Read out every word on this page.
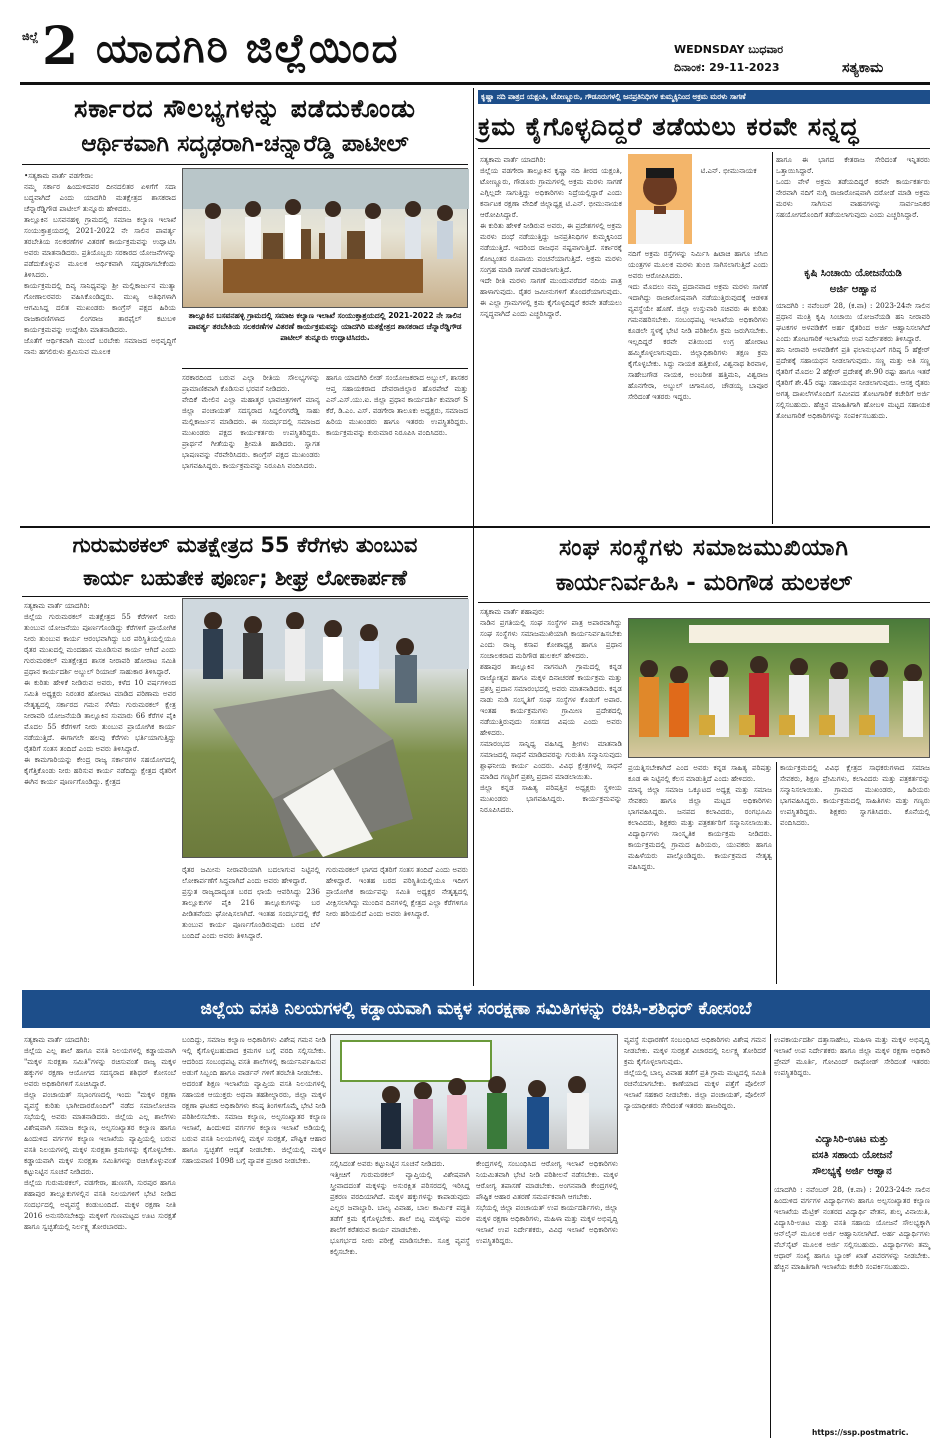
ಜಿಲ್ಲೆ 2 ಯಾದಗಿರಿ ಜಿಲ್ಲೆಯಿಂದ	WEDNSDAY ಬುಧವಾರ
ದಿನಾಂಕ: 29-11-2023	ಸತ್ಯಕಾಮ
ಸರ್ಕಾರದ ಸೌಲಭ್ಯಗಳನ್ನು ಪಡೆದುಕೊಂಡು
ಆರ್ಥಿಕವಾಗಿ ಸದೃಢರಾಗಿ-ಚನ್ನಾರೆಡ್ಡಿ ಪಾಟೀಲ್
•ಸತ್ಯಕಾಮ ವಾರ್ತೆ ವಡಗೇರಾ:
ನಮ್ಮ ಸರ್ಕಾರ ಹಿಂದುಳಿದವರ ದೀನದಲಿತರ ಏಳಿಗೆಗೆ ಸದಾ ಬದ್ಧವಾಗಿದೆ ಎಂದು ಯಾದಗಿರಿ ಮತಕ್ಷೇತ್ರದ ಶಾಸಕರಾದ ಚೆನ್ನಾರೆಡ್ಡಿಗೌಡ ಪಾಟೀಲ್ ತುನ್ನೂರು ಹೇಳಿದರು.
ತಾಲ್ಲೂಕಿನ ಬಸವನಹಳ್ಳಿ ಗ್ರಾಮದಲ್ಲಿ ಸಮಾಜ ಕಲ್ಯಾಣ ಇಲಾಖೆ ಸಂಯುಕ್ತಾಶ್ರಯದಲ್ಲಿ 2021-2022 ನೇ ಸಾಲಿನ ಪಾವರ್ತ್ಯ ತರಬೇತಿಯ ಸಲಕರಣೆಗಳ ವಿತರಣೆ ಕಾರ್ಯಕ್ರಮವನ್ನು ಉದ್ಘಾಟಿಸಿ ಅವರು ಮಾತನಾಡಿದರು. ಪ್ರತಿಯೊಬ್ಬರು ಸರಕಾರದ ಯೋಜನೆಗಳನ್ನು ಪಡೆದುಕೊಳ್ಳುವ ಮೂಲಕ ಆರ್ಥಿಕವಾಗಿ ಸದೃಢರಾಗಬೇಕೆಂದು ತಿಳಿಸಿದರು.
ಕಾರ್ಯಕ್ರಮದಲ್ಲಿ ದಿವ್ಯ ಸಾನಿಧ್ಯವನ್ನು ಶ್ರೀ ಮಲ್ಲಿಕಾರ್ಜುನ ಮುತ್ಯಾ ಗೋಣಾಲರವರು ವಹಿಸಿಕೊಂಡಿದ್ದರು. ಮುಖ್ಯ ಅತಿಥಿಗಳಾಗಿ ಆಗಮಿಸಿದ್ದ ದಲಿತ ಮುಖಂಡರು ಕಾಂಗ್ರೆಸ್ ಪಕ್ಷದ ಹಿರಿಯ ರಾಜಕಾರಣಿಗಳಾದ ಲಿಂಗರಾಜ ತಾರಫೈಲ್ ಕಟುಬಳಿ ಕಾರ್ಯಕ್ರಮವನ್ನು ಉದ್ದೇಶಿಸಿ ಮಾತನಾಡಿದರು.
ಜೊತೆಗೆ ಆರ್ಥಿಕವಾಗಿ ಮುಂದೆ ಬರಬೇಕು ಸಮಾಜದ ಅಭಿವೃದ್ಧಿಗೆ ನಾನು ಹಗಲಿರುಳು ಶ್ರಮಿಸುವ ಮೂಲಕ
ತಾಲ್ಲೂಕಿನ ಬಸವನಹಳ್ಳಿ ಗ್ರಾಮದಲ್ಲಿ ಸಮಾಜ ಕಲ್ಯಾಣ ಇಲಾಖೆ ಸಂಯುಕ್ತಾಶ್ರಯದಲ್ಲಿ 2021-2022 ನೇ ಸಾಲಿನ ಪಾವರ್ತ್ಯ ತರಬೇತಿಯ ಸಲಕರಣೆಗಳ ವಿತರಣೆ ಕಾರ್ಯಕ್ರಮವನ್ನು ಯಾದಗಿರಿ ಮತಕ್ಷೇತ್ರದ ಶಾಸಕರಾದ ಚೆನ್ನಾರೆಡ್ಡಿಗೌಡ ಪಾಟೀಲ್ ತುನ್ನೂರು ಉದ್ಘಾಟಿಸಿದರು.
ಸರಕಾರದಿಂದ ಬರುವ ಎಲ್ಲಾ ರೀತಿಯ ಸೌಲಭ್ಯಗಳನ್ನು ಪ್ರಾಮಾಣಿಕವಾಗಿ ಕೊಡಿಸುವ ಭರವಸೆ ನೀಡಿದರು.
ವೇದಿಕೆ ಮೇಲಿನ ಎಲ್ಲಾ ಮಹಾತ್ಮರ ಭಾವಚಿತ್ರಗಳಿಗೆ ಮಾನ್ಯ ಜಿಲ್ಲಾ ಪಂಚಾಯತ್ ಸದಸ್ಯರಾದ ಸಿದ್ದಲಿಂಗರೆಡ್ಡಿ ಸಾಹು ಮಲ್ಲಿಕಾರ್ಜುನ ಮಾಡಿದರು. ಈ ಸಂದರ್ಭದಲ್ಲಿ ಸಮಾಜದ ಮುಖಂಡರು ಪಕ್ಷದ ಕಾರ್ಯಕರ್ತರು ಉಪಸ್ಥಿತರಿದ್ದರು. ಪ್ರಾರ್ಥನೆ ಗೀತೆಯನ್ನು ಶ್ರೀಮತಿ ಹಾಡಿದರು. ಸ್ವಾಗತ ಭಾಷಣವನ್ನು ನೆರವೇರಿಸಿದರು. ಕಾಂಗ್ರೆಸ್ ಪಕ್ಷದ ಮುಖಂಡರು ಭಾಗವಹಿಸಿದ್ದರು. ಕಾರ್ಯಕ್ರಮವನ್ನು ನಿರೂಪಿಸಿ ವಂದಿಸಿದರು.
ಹಾಗೂ ಯಾದಗಿರಿ ಲೀಡ್ ಸಂಯೋಜಕರಾದ ಅಬ್ದುಲ್, ಶಾಸಕರ ಆಪ್ತ ಸಹಾಯಕರಾದ ದೇವರಾಜಿಲ್ದಾರ ಹೊರಪೇಟೆ ಮತ್ತು ಎನ್.ಎಸ್.ಯು.ಐ. ಜಿಲ್ಲಾ ಪ್ರಧಾನ ಕಾರ್ಯದರ್ಶಿ ಕುಮಾರ್ S ಕೆರೆ, ಡಿ.ಎಂ. ಎಸ್. ವಡಗೇರಾ ತಾಲೂಕು ಅಧ್ಯಕ್ಷರು, ಸಮಾಜದ ಹಿರಿಯ ಮುಖಂಡರು ಹಾಗೂ ಇತರರು ಉಪಸ್ಥಿತರಿದ್ದರು. ಕಾರ್ಯಕ್ರಮವನ್ನು ಕುರುಮಾರ ನಿರೂಪಿಸಿ ವಂದಿಸಿದರು.
ಕೃಷ್ಣಾ ನದಿ ಪಾತ್ರದ ಯಕ್ಷಂತಿ, ಟೋಣ್ಣೂರು, ಗೌಡೂರುಗಳಲ್ಲಿ ಜನಪ್ರತಿನಿಧಿಗಳ ಕುಮ್ಮಕ್ಕಿನಿಂದ ಅಕ್ರಮ ಮರಳು ಸಾಗಣೆ
ಕ್ರಮ ಕೈಗೊಳ್ಳದಿದ್ದರೆ ತಡೆಯಲು ಕರವೇ ಸನ್ನದ್ಧ
ಸತ್ಯಕಾಮ ವಾರ್ತೆ ಯಾದಗಿರಿ:
ಜಿಲ್ಲೆಯ ವಡಗೇರಾ ತಾಲ್ಲೂಕಿನ ಕೃಷ್ಣಾ ನದಿ ತೀರದ ಯಕ್ಷಂತಿ, ಟೋಣ್ಣೂರು, ಗೌಡೂರು ಗ್ರಾಮಗಳಲ್ಲಿ ಅಕ್ರಮ ಮರಳು ಸಾಗಣೆ ಎಗ್ಗಿಲ್ಲದೇ ಸಾಗುತ್ತಿದ್ದು ಅಧಿಕಾರಿಗಳು ನಿದ್ರೆಯಲ್ಲಿದ್ದಾರೆ ಎಂದು ಕರ್ನಾಟಕ ರಕ್ಷಣಾ ವೇದಿಕೆ ಜಿಲ್ಲಾಧ್ಯಕ್ಷ ಟಿ.ಎನ್. ಭೀಮುನಾಯಕ ಆರೋಪಿಸಿದ್ದಾರೆ.
ಈ ಕುರಿತು ಹೇಳಿಕೆ ನೀಡಿರುವ ಅವರು, ಈ ಪ್ರದೇಶಗಳಲ್ಲಿ ಅಕ್ರಮ ಮರಳು ದಂಧೆ ನಡೆಯುತ್ತಿದ್ದು ಜನಪ್ರತಿನಿಧಿಗಳ ಕುಮ್ಮಕ್ಕಿನಿಂದ ನಡೆಯುತ್ತಿದೆ. ಇದರಿಂದ ರಾಜಧನ ನಷ್ಟವಾಗುತ್ತಿದೆ. ಸರ್ಕಾರಕ್ಕೆ ಕೋಟ್ಯಂತರ ರೂಪಾಯಿ ವಂಚನೆಯಾಗುತ್ತಿದೆ. ಅಕ್ರಮ ಮರಳು ಸಂಗ್ರಹ ಮಾಡಿ ಸಾಗಣೆ ಮಾಡಲಾಗುತ್ತಿದೆ.
ಇದೇ ರೀತಿ ಮರಳು ಸಾಗಣೆ ಮುಂದುವರೆದರೆ ನದಿಯ ಪಾತ್ರ ಹಾಳಾಗುವುದು. ರೈತರ ಜಮೀನುಗಳಿಗೆ ತೊಂದರೆಯಾಗುವುದು. ಈ ಎಲ್ಲಾ ಗ್ರಾಮಗಳಲ್ಲಿ ಕ್ರಮ ಕೈಗೊಳ್ಳದಿದ್ದರೆ ಕರವೇ ತಡೆಯಲು ಸನ್ನದ್ಧವಾಗಿದೆ ಎಂದು ಎಚ್ಚರಿಸಿದ್ದಾರೆ.
ನದಿಗೆ ಅಕ್ರಮ ರಸ್ತೆಗಳನ್ನು ನಿರ್ಮಿಸಿ ಹಿಟಾಚಿ ಹಾಗೂ ಜೆಸಿಬಿ ಯಂತ್ರಗಳ ಮೂಲಕ ಮರಳು ತುಂಬಿ ಸಾಗಿಸಲಾಗುತ್ತಿದೆ ಎಂದು ಅವರು ಆರೋಪಿಸಿದರು.
ಇದು ಮೊದಲು ನಮ್ಮ ಪ್ರದಾನವಾದ ಅಕ್ರಮ ಮರಳು ಸಾಗಣೆ ಇದಾಗಿದ್ದು ರಾಜಾರೋಷವಾಗಿ ನಡೆಯುತ್ತಿರುವುದಕ್ಕೆ ಆಡಳಿತ ವ್ಯವಸ್ಥೆಯೇ ಹೊಣೆ. ಜಿಲ್ಲಾ ಉಸ್ತುವಾರಿ ಸಚಿವರು ಈ ಕುರಿತು ಗಮನಹರಿಸಬೇಕು. ಸಂಬಂಧಪಟ್ಟ ಇಲಾಖೆಯ ಅಧಿಕಾರಿಗಳು ಕೂಡಲೇ ಸ್ಥಳಕ್ಕೆ ಭೇಟಿ ನೀಡಿ ಪರಿಶೀಲಿಸಿ ಕ್ರಮ ಜರುಗಿಸಬೇಕು. ಇಲ್ಲದಿದ್ದರೆ ಕರವೇ ವತಿಯಿಂದ ಉಗ್ರ ಹೋರಾಟ ಹಮ್ಮಿಕೊಳ್ಳಲಾಗುವುದು. ಜಿಲ್ಲಾಧಿಕಾರಿಗಳು ತಕ್ಷಣ ಕ್ರಮ ಕೈಗೊಳ್ಳಬೇಕು. ಸಿದ್ದು ನಾಯಕ ಹತ್ತಿಕುಣಿ, ವಿಶ್ವನಾಥ ಶಿರವಾಳ, ಸಾಹೇಬಗೌಡ ನಾಯಕ, ಅಂಬರೀಶ ಹತ್ತಿಮನಿ, ವಿಶ್ವರಾಜ ಹೊನಗೇರಾ, ಅಬ್ದುಲ್ ಚಿಗಾನೂರ, ಚೌಡಯ್ಯ ಬಾವೂರ ಸೇರಿದಂತೆ ಇತರರು ಇದ್ದರು.

ಟಿ.ಎನ್. ಭೀಮುನಾಯಕ

ಹಾಗೂ ಈ ಭಾಗದ ಕೇತರಾಜ ಸೇರಿದಂತೆ ಇನ್ನಿತರರು ಒತ್ತಾಯಿಸಿದ್ದಾರೆ.
ಒಂದು ವೇಳೆ ಅಕ್ರಮ ತಡೆಯದಿದ್ದರೆ ಕರವೇ ಕಾರ್ಯಕರ್ತರು ನೇರವಾಗಿ ನದಿಗೆ ನುಗ್ಗಿ ರಾಜಾರೋಷವಾಗಿ ದರೋಡೆ ಮಾಡಿ ಅಕ್ರಮ ಮರಳು ಸಾಗಿಸುವ ವಾಹನಗಳನ್ನು ಸಾರ್ವಜನಿಕರ ಸಹಯೋಗದೊಂದಿಗೆ ತಡೆಯಲಾಗುವುದು ಎಂದು ಎಚ್ಚರಿಸಿದ್ದಾರೆ.
ಕೃಷಿ ಸಿಂಚಾಯಿ ಯೋಜನೆಯಡಿ
ಅರ್ಜಿ ಆಹ್ವಾನ
ಯಾದಗಿರಿ : ನವೆಂಬರ್ 28, (ಕ.ವಾ) : 2023-24ನೇ ಸಾಲಿನ ಪ್ರಧಾನ ಮಂತ್ರಿ ಕೃಷಿ ಸಿಂಚಾಯಿ ಯೋಜನೆಯಡಿ ಹನಿ ನೀರಾವರಿ ಘಟಕಗಳ ಅಳವಡಿಕೆಗೆ ಅರ್ಹ ರೈತರಿಂದ ಅರ್ಜಿ ಆಹ್ವಾನಿಸಲಾಗಿದೆ ಎಂದು ತೋಟಗಾರಿಕೆ ಇಲಾಖೆಯ ಉಪ ನಿರ್ದೇಶಕರು ತಿಳಿಸಿದ್ದಾರೆ.
ಹನಿ ನೀರಾವರಿ ಅಳವಡಿಕೆಗೆ ಪ್ರತಿ ಫಲಾನುಭವಿಗೆ ಗರಿಷ್ಠ 5 ಹೆಕ್ಟೇರ್ ಪ್ರದೇಶಕ್ಕೆ ಸಹಾಯಧನ ನೀಡಲಾಗುವುದು. ಸಣ್ಣ ಮತ್ತು ಅತಿ ಸಣ್ಣ ರೈತರಿಗೆ ಮೊದಲ 2 ಹೆಕ್ಟೇರ್ ಪ್ರದೇಶಕ್ಕೆ ಶೇ.90 ರಷ್ಟು ಹಾಗೂ ಇತರೆ ರೈತರಿಗೆ ಶೇ.45 ರಷ್ಟು ಸಹಾಯಧನ ನೀಡಲಾಗುವುದು. ಆಸಕ್ತ ರೈತರು ಅಗತ್ಯ ದಾಖಲೆಗಳೊಂದಿಗೆ ಸಮೀಪದ ತೋಟಗಾರಿಕೆ ಕಚೇರಿಗೆ ಅರ್ಜಿ ಸಲ್ಲಿಸಬಹುದು. ಹೆಚ್ಚಿನ ಮಾಹಿತಿಗಾಗಿ ಹೋಬಳಿ ಮಟ್ಟದ ಸಹಾಯಕ ತೋಟಗಾರಿಕೆ ಅಧಿಕಾರಿಗಳನ್ನು ಸಂಪರ್ಕಿಸಬಹುದು.
ಗುರುಮಠಕಲ್ ಮತಕ್ಷೇತ್ರದ 55 ಕೆರೆಗಳು ತುಂಬುವ
ಕಾರ್ಯ ಬಹುತೇಕ ಪೂರ್ಣ; ಶೀಘ್ರ ಲೋಕಾರ್ಪಣೆ
ಸತ್ಯಕಾಮ ವಾರ್ತೆ ಯಾದಗಿರಿ:
ಜಿಲ್ಲೆಯ ಗುರುಮಠಕಲ್ ಮತಕ್ಷೇತ್ರದ 55 ಕೆರೆಗಳಿಗೆ ನೀರು ತುಂಬುವ ಯೋಜನೆಯು ಪೂರ್ಣಗೊಂಡಿದ್ದು ಕೆರೆಗಳಿಗೆ ಪ್ರಾಯೋಗಿಕ ನೀರು ತುಂಬುವ ಕಾರ್ಯ ಆರಂಭವಾಗಿದ್ದು ಬರ ಪರಿಸ್ಥಿತಿಯಲ್ಲಿಯೂ ರೈತರ ಮುಖದಲ್ಲಿ ಮಂದಹಾಸ ಮೂಡಿಸುವ ಕಾರ್ಯ ಆಗಿದೆ ಎಂದು ಗುರುಮಠಕಲ್ ಮತಕ್ಷೇತ್ರದ ಶಾಸಕ ನೀರಾವರಿ ಹೋರಾಟ ಸಮಿತಿ ಪ್ರಧಾನ ಕಾರ್ಯದರ್ಶಿ ಅಬ್ದುಲ್ ರಿಯಾಜ್ ಸಾಹುಕಾರ ತಿಳಿಸಿದ್ದಾರೆ.
ಈ ಕುರಿತು ಹೇಳಿಕೆ ನೀಡಿರುವ ಅವರು, ಕಳೆದ 10 ವರ್ಷಗಳಿಂದ ಸಮಿತಿ ಅಧ್ಯಕ್ಷರು ನಿರಂತರ ಹೋರಾಟ ಮಾಡಿದ ಪರಿಣಾಮ ಅವರ ನೇತೃತ್ವದಲ್ಲಿ ಸರ್ಕಾರದ ಗಮನ ಸೆಳೆದು ಗುರುಮಠಕಲ್ ಕ್ಷೇತ್ರ ನೀರಾವರಿ ಯೋಜನೆಯಡಿ ತಾಲ್ಲೂಕಿನ ಸುಮಾರು 66 ಕೆರೆಗಳ ಪೈಕಿ ಮೊದಲ 55 ಕೆರೆಗಳಿಗೆ ನೀರು ತುಂಬುವ ಪ್ರಾಯೋಗಿಕ ಕಾರ್ಯ ನಡೆಯುತ್ತಿದೆ. ಈಗಾಗಲೇ ಹಲವು ಕೆರೆಗಳು ಭರ್ತಿಯಾಗುತ್ತಿದ್ದು ರೈತರಿಗೆ ಸಂತಸ ತಂದಿದೆ ಎಂದು ಅವರು ತಿಳಿಸಿದ್ದಾರೆ.
ಈ ಕಾಮಗಾರಿಯನ್ನು ಕೇಂದ್ರ ರಾಜ್ಯ ಸರ್ಕಾರಗಳ ಸಹಯೋಗದಲ್ಲಿ ಕೈಗೆತ್ತಿಕೊಂಡು ನೀರು ಹರಿಸುವ ಕಾರ್ಯ ನಡೆದಿದ್ದು ಕ್ಷೇತ್ರದ ರೈತರಿಗೆ ಈಗಿನ ಕಾರ್ಯ ಪೂರ್ಣಗೊಂಡಿದ್ದು. ಕ್ಷೇತ್ರದ
ರೈತರ ಜಮೀನು ನೀರಾವರಿಯಾಗಿ ಬದಲಾಗುವ ನಿಟ್ಟಿನಲ್ಲಿ ಲೋಕಾರ್ಪಣೆಗೆ ಸಿದ್ಧವಾಗಿದೆ ಎಂದು ಅವರು ಹೇಳಿದ್ದಾರೆ.
ಪ್ರಸ್ತುತ ರಾಜ್ಯದಾದ್ಯಂತ ಬರದ ಛಾಯೆ ಆವರಿಸಿದ್ದು 236 ತಾಲ್ಲೂಕುಗಳ ಪೈಕಿ 216 ತಾಲ್ಲೂಕುಗಳನ್ನು ಬರ ಪೀಡಿತವೆಂದು ಘೋಷಿಸಲಾಗಿದೆ. ಇಂತಹ ಸಂದರ್ಭದಲ್ಲಿ ಕೆರೆ ತುಂಬುವ ಕಾರ್ಯ ಪೂರ್ಣಗೊಂಡಿರುವುದು ಬರದ ಬೆಳೆ ಬಂದಿದೆ ಎಂದು ಅವರು ತಿಳಿಸಿದ್ದಾರೆ.
ಗುರುಮಠಕಲ್ ಭಾಗದ ರೈತರಿಗೆ ಸಂತಸ ತಂದಿದೆ ಎಂದು ಅವರು ಹೇಳಿದ್ದಾರೆ. ಇಂತಹ ಬರದ ಪರಿಸ್ಥಿತಿಯಲ್ಲಿಯೂ ಇದೀಗ ಪ್ರಾಯೋಗಿಕ ಕಾರ್ಯವನ್ನು ಸಮಿತಿ ಅಧ್ಯಕ್ಷರ ನೇತೃತ್ವದಲ್ಲಿ ವೀಕ್ಷಿಸಲಾಗಿದ್ದು ಮುಂದಿನ ದಿನಗಳಲ್ಲಿ ಕ್ಷೇತ್ರದ ಎಲ್ಲಾ ಕೆರೆಗಳಿಗೂ ನೀರು ಹರಿಯಲಿದೆ ಎಂದು ಅವರು ತಿಳಿಸಿದ್ದಾರೆ.
ಸಂಘ ಸಂಸ್ಥೆಗಳು ಸಮಾಜಮುಖಿಯಾಗಿ
ಕಾರ್ಯನಿರ್ವಹಿಸಿ - ಮರಿಗೌಡ ಹುಲಕಲ್
ಸತ್ಯಕಾಮ ವಾರ್ತೆ ಶಹಾಪುರ:
ನಾಡಿನ ಪ್ರಗತಿಯಲ್ಲಿ ಸಂಘ ಸಂಸ್ಥೆಗಳ ಪಾತ್ರ ಅಪಾರವಾಗಿದ್ದು ಸಂಘ ಸಂಸ್ಥೆಗಳು ಸಮಾಜಮುಖಿಯಾಗಿ ಕಾರ್ಯನಿರ್ವಹಿಸಬೇಕು ಎಂದು ರಾಜ್ಯ ಕಸಾಪ ಕೋಶಾಧ್ಯಕ್ಷ ಹಾಗೂ ಪ್ರಧಾನ ಸಂಚಾಲಕರಾದ ಮರಿಗೌಡ ಹುಲಕಲ್ ಹೇಳಿದರು.
ಶಹಾಪುರ ತಾಲ್ಲೂಕಿನ ನಾಗನಟಗಿ ಗ್ರಾಮದಲ್ಲಿ ಕನ್ನಡ ರಾಜ್ಯೋತ್ಸವ ಹಾಗೂ ಮಕ್ಕಳ ದಿನಾಚರಣೆ ಕಾರ್ಯಕ್ರಮ ಮತ್ತು ಪ್ರಶಸ್ತಿ ಪ್ರದಾನ ಸಮಾರಂಭದಲ್ಲಿ ಅವರು ಮಾತನಾಡಿದರು. ಕನ್ನಡ ನಾಡು ನುಡಿ ಸಂಸ್ಕೃತಿಗೆ ಸಂಘ ಸಂಸ್ಥೆಗಳ ಕೊಡುಗೆ ಅಪಾರ. ಇಂತಹ ಕಾರ್ಯಕ್ರಮಗಳು ಗ್ರಾಮೀಣ ಪ್ರದೇಶದಲ್ಲಿ ನಡೆಯುತ್ತಿರುವುದು ಸಂತಸದ ವಿಷಯ ಎಂದು ಅವರು ಹೇಳಿದರು.
ಸಮಾರಂಭದ ಸಾನ್ನಿಧ್ಯ ವಹಿಸಿದ್ದ ಶ್ರೀಗಳು ಮಾತನಾಡಿ ಸಮಾಜದಲ್ಲಿ ಸಾಧನೆ ಮಾಡಿದವರನ್ನು ಗುರುತಿಸಿ ಸನ್ಮಾನಿಸುವುದು ಶ್ಲಾಘನೀಯ ಕಾರ್ಯ ಎಂದರು. ವಿವಿಧ ಕ್ಷೇತ್ರಗಳಲ್ಲಿ ಸಾಧನೆ ಮಾಡಿದ ಗಣ್ಯರಿಗೆ ಪ್ರಶಸ್ತಿ ಪ್ರದಾನ ಮಾಡಲಾಯಿತು.
ಜಿಲ್ಲಾ ಕನ್ನಡ ಸಾಹಿತ್ಯ ಪರಿಷತ್ತಿನ ಅಧ್ಯಕ್ಷರು ಸ್ಥಳೀಯ ಮುಖಂಡರು ಭಾಗವಹಿಸಿದ್ದರು. ಕಾರ್ಯಕ್ರಮವನ್ನು ನಿರೂಪಿಸಿದರು.
ಪ್ರಯತ್ನಿಸಬೇಕಾಗಿದೆ ಎಂದ ಅವರು ಕನ್ನಡ ಸಾಹಿತ್ಯ ಪರಿಷತ್ತು ಕೂಡ ಈ ನಿಟ್ಟಿನಲ್ಲಿ ಕೆಲಸ ಮಾಡುತ್ತಿದೆ ಎಂದು ಹೇಳಿದರು.
ಮಾನ್ಯ ಜಿಲ್ಲಾ ಸಮಾಜ ಒಕ್ಕೂಟದ ಅಧ್ಯಕ್ಷ ಮತ್ತು ಸಮಾಜ ಸೇವಕರು ಹಾಗೂ ಜಿಲ್ಲಾ ಮಟ್ಟದ ಅಧಿಕಾರಿಗಳು ಭಾಗವಹಿಸಿದ್ದರು. ಜನಪದ ಕಲಾವಿದರು, ರಂಗಭೂಮಿ ಕಲಾವಿದರು, ಶಿಕ್ಷಕರು ಮತ್ತು ಪತ್ರಕರ್ತರಿಗೆ ಸನ್ಮಾನಿಸಲಾಯಿತು. ವಿದ್ಯಾರ್ಥಿಗಳು ಸಾಂಸ್ಕೃತಿಕ ಕಾರ್ಯಕ್ರಮ ನೀಡಿದರು. ಕಾರ್ಯಕ್ರಮದಲ್ಲಿ ಗ್ರಾಮದ ಹಿರಿಯರು, ಯುವಕರು ಹಾಗೂ ಮಹಿಳೆಯರು ಪಾಲ್ಗೊಂಡಿದ್ದರು. ಕಾರ್ಯಕ್ರಮದ ನೇತೃತ್ವ ವಹಿಸಿದ್ದರು.
ಕಾರ್ಯಕ್ರಮದಲ್ಲಿ ವಿವಿಧ ಕ್ಷೇತ್ರದ ಸಾಧಕರುಗಳಾದ ಸಮಾಜ ಸೇವಕರು, ಶಿಕ್ಷಣ ಪ್ರೇಮಿಗಳು, ಕಲಾವಿದರು ಮತ್ತು ಪತ್ರಕರ್ತರನ್ನು ಸನ್ಮಾನಿಸಲಾಯಿತು. ಗ್ರಾಮದ ಮುಖಂಡರು, ಹಿರಿಯರು ಭಾಗವಹಿಸಿದ್ದರು. ಕಾರ್ಯಕ್ರಮದಲ್ಲಿ ಸಾಹಿತಿಗಳು ಮತ್ತು ಗಣ್ಯರು ಉಪಸ್ಥಿತರಿದ್ದರು. ಶಿಕ್ಷಕರು ಸ್ವಾಗತಿಸಿದರು. ಕೊನೆಯಲ್ಲಿ ವಂದಿಸಿದರು.
ಜಿಲ್ಲೆಯ ವಸತಿ ನಿಲಯಗಳಲ್ಲಿ ಕಡ್ಡಾಯವಾಗಿ ಮಕ್ಕಳ ಸಂರಕ್ಷಣಾ ಸಮಿತಿಗಳನ್ನು ರಚಿಸಿ-ಶಶಿಧರ್ ಕೋಸಂಬೆ
ಸತ್ಯಕಾಮ ವಾರ್ತೆ ಯಾದಗಿರಿ:
ಜಿಲ್ಲೆಯ ಎಲ್ಲ ಶಾಲೆ ಹಾಗೂ ವಸತಿ ನಿಲಯಗಳಲ್ಲಿ ಕಡ್ಡಾಯವಾಗಿ "ಮಕ್ಕಳ ಸುರಕ್ಷತಾ ಸಮಿತಿ"ಗಳನ್ನು ರಚಿಸುವಂತೆ ರಾಜ್ಯ ಮಕ್ಕಳ ಹಕ್ಕುಗಳ ರಕ್ಷಣಾ ಆಯೋಗದ ಸದಸ್ಯರಾದ ಶಶಿಧರ್ ಕೋಸಂಬೆ ಅವರು ಅಧಿಕಾರಿಗಳಿಗೆ ಸೂಚಿಸಿದ್ದಾರೆ.
ಜಿಲ್ಲಾ ಪಂಚಾಯತ್ ಸಭಾಂಗಣದಲ್ಲಿ ಇಂದು "ಮಕ್ಕಳ ರಕ್ಷಣಾ ವ್ಯವಸ್ಥೆ ಕುರಿತು ಭಾಗೀದಾರರೊಂದಿಗೆ" ನಡೆದ ಸಮಾಲೋಚನಾ ಸಭೆಯಲ್ಲಿ ಅವರು ಮಾತನಾಡಿದರು. ಜಿಲ್ಲೆಯ ಎಲ್ಲ ಶಾಲೆಗಳು ವಿಶೇಷವಾಗಿ ಸಮಾಜ ಕಲ್ಯಾಣ, ಅಲ್ಪಸಂಖ್ಯಾತರ ಕಲ್ಯಾಣ ಹಾಗೂ ಹಿಂದುಳಿದ ವರ್ಗಗಳ ಕಲ್ಯಾಣ ಇಲಾಖೆಯ ವ್ಯಾಪ್ತಿಯಲ್ಲಿ ಬರುವ ವಸತಿ ನಿಲಯಗಳಲ್ಲಿ ಮಕ್ಕಳ ಸುರಕ್ಷತಾ ಕ್ರಮಗಳನ್ನು ಕೈಗೊಳ್ಳಬೇಕು. ಕಡ್ಡಾಯವಾಗಿ ಮಕ್ಕಳ ಸುರಕ್ಷತಾ ಸಮಿತಿಗಳನ್ನು ರಚಿಸಿಕೊಳ್ಳುವಂತೆ ಕಟ್ಟುನಿಟ್ಟಿನ ಸೂಚನೆ ನೀಡಿದರು.
ಜಿಲ್ಲೆಯ ಗುರುಮಠಕಲ್, ವಡಗೇರಾ, ಹುಣಸಗಿ, ಸುರಪುರ ಹಾಗೂ ಶಹಾಪುರ ತಾಲ್ಲೂಕುಗಳಲ್ಲಿನ ವಸತಿ ನಿಲಯಗಳಿಗೆ ಭೇಟಿ ನೀಡಿದ ಸಂದರ್ಭದಲ್ಲಿ ಅವ್ಯವಸ್ಥೆ ಕಂಡುಬಂದಿದೆ. ಮಕ್ಕಳ ರಕ್ಷಣಾ ನೀತಿ 2016 ಅನುಸರಿಸಬೇಕಿದ್ದು ಮಕ್ಕಳಿಗೆ ಗುಣಮಟ್ಟದ ಊಟ ಸುರಕ್ಷತೆ ಹಾಗೂ ಸ್ವಚ್ಛತೆಯಲ್ಲಿ ನಿರ್ಲಕ್ಷ್ಯ ತೋರಬಾರದು.
ಬಂದಿದ್ದು, ಸಮಾಜ ಕಲ್ಯಾಣ ಅಧಿಕಾರಿಗಳು ವಿಶೇಷ ಗಮನ ನೀಡಿ ಇಲ್ಲಿ ಕೈಗೊಳ್ಳಬಹುದಾದ ಕ್ರಮಗಳ ಬಗ್ಗೆ ವರದಿ ಸಲ್ಲಿಸಬೇಕು. ಆದರಿಂದ ಸಂಬಂಧಪಟ್ಟ ವಸತಿ ಶಾಲೆಗಳಲ್ಲಿ ಕಾರ್ಯನಿರ್ವಹಿಸುವ ಅಡುಗೆ ಸಿಬ್ಬಂದಿ ಹಾಗೂ ವಾರ್ಡನ್ ಗಳಿಗೆ ತರಬೇತಿ ನೀಡಬೇಕು.
ಅದರಂತೆ ಶಿಕ್ಷಣ ಇಲಾಖೆಯ ವ್ಯಾಪ್ತಿಯ ವಸತಿ ನಿಲಯಗಳಲ್ಲಿ ಸಹಾಯಕ ಆಯುಕ್ತರು ಅಥವಾ ತಹಶೀಲ್ದಾರರು, ಜಿಲ್ಲಾ ಮಕ್ಕಳ ರಕ್ಷಣಾ ಘಟಕದ ಅಧಿಕಾರಿಗಳು ಕನಿಷ್ಠ ತಿಂಗಳಿಗೊಮ್ಮೆ ಭೇಟಿ ನೀಡಿ ಪರಿಶೀಲಿಸಬೇಕು. ಸಮಾಜ ಕಲ್ಯಾಣ, ಅಲ್ಪಸಂಖ್ಯಾತರ ಕಲ್ಯಾಣ ಇಲಾಖೆ, ಹಿಂದುಳಿದ ವರ್ಗಗಳ ಕಲ್ಯಾಣ ಇಲಾಖೆ ಅಡಿಯಲ್ಲಿ ಬರುವ ವಸತಿ ನಿಲಯಗಳಲ್ಲಿ ಮಕ್ಕಳ ಸುರಕ್ಷತೆ, ಪೌಷ್ಟಿಕ ಆಹಾರ ಹಾಗೂ ಸ್ವಚ್ಛತೆಗೆ ಆದ್ಯತೆ ನೀಡಬೇಕು. ಜಿಲ್ಲೆಯಲ್ಲಿ ಮಕ್ಕಳ ಸಹಾಯವಾಣಿ 1098 ಬಗ್ಗೆ ವ್ಯಾಪಕ ಪ್ರಚಾರ ನೀಡಬೇಕು.	ಸಲ್ಲಿಸಿದಂತೆ ಅವರು ಕಟ್ಟುನಿಟ್ಟಿನ ಸೂಚನೆ ನೀಡಿದರು.
ಇತ್ತೀಚಿಗೆ ಗುರುಮಠಕಲ್ ವ್ಯಾಪ್ತಿಯಲ್ಲಿ ವಿಶೇಷವಾಗಿ ಸ್ತ್ರೀವಾದದಂತೆ ಮಕ್ಕಳನ್ನು ಅಸುರಕ್ಷಿತ ಪರಿಸರದಲ್ಲಿ ಇರಿಸಿದ್ದ ಪ್ರಕರಣ ವರದಿಯಾಗಿದೆ. ಮಕ್ಕಳ ಹಕ್ಕುಗಳನ್ನು ಕಾಪಾಡುವುದು ಎಲ್ಲರ ಜವಾಬ್ದಾರಿ. ಬಾಲ್ಯ ವಿವಾಹ, ಬಾಲ ಕಾರ್ಮಿಕ ಪದ್ಧತಿ ತಡೆಗೆ ಕ್ರಮ ಕೈಗೊಳ್ಳಬೇಕು. ಶಾಲೆ ಬಿಟ್ಟ ಮಕ್ಕಳನ್ನು ಮರಳಿ ಶಾಲೆಗೆ ಕರೆತರುವ ಕಾರ್ಯ ಮಾಡಬೇಕು.
ಭೂಗರ್ಭದ ನೀರು ಪರೀಕ್ಷೆ ಮಾಡಿಸಬೇಕು. ಸೂಕ್ತ ವ್ಯವಸ್ಥೆ ಕಲ್ಪಿಸಬೇಕು.
ಕೇಂದ್ರಗಳಲ್ಲಿ ಸಂಬಂಧಿಸಿದ ಆರೋಗ್ಯ ಇಲಾಖೆ ಅಧಿಕಾರಿಗಳು ನಿಯಮಿತವಾಗಿ ಭೇಟಿ ನೀಡಿ ಪರಿಶೀಲನೆ ನಡೆಸಬೇಕು. ಮಕ್ಕಳ ಆರೋಗ್ಯ ತಪಾಸಣೆ ಮಾಡಬೇಕು. ಅಂಗನವಾಡಿ ಕೇಂದ್ರಗಳಲ್ಲಿ ಪೌಷ್ಟಿಕ ಆಹಾರ ವಿತರಣೆ ಸಮರ್ಪಕವಾಗಿ ಆಗಬೇಕು.
ಸಭೆಯಲ್ಲಿ ಜಿಲ್ಲಾ ಪಂಚಾಯತ್ ಉಪ ಕಾರ್ಯದರ್ಶಿಗಳು, ಜಿಲ್ಲಾ ಮಕ್ಕಳ ರಕ್ಷಣಾ ಅಧಿಕಾರಿಗಳು, ಮಹಿಳಾ ಮತ್ತು ಮಕ್ಕಳ ಅಭಿವೃದ್ಧಿ ಇಲಾಖೆ ಉಪ ನಿರ್ದೇಶಕರು, ವಿವಿಧ ಇಲಾಖೆ ಅಧಿಕಾರಿಗಳು ಉಪಸ್ಥಿತರಿದ್ದರು.
ವ್ಯವಸ್ಥೆ ಸುಧಾರಣೆಗೆ ಸಂಬಂಧಿಸಿದ ಅಧಿಕಾರಿಗಳು ವಿಶೇಷ ಗಮನ ನೀಡಬೇಕು. ಮಕ್ಕಳ ಸುರಕ್ಷತೆ ವಿಚಾರದಲ್ಲಿ ನಿರ್ಲಕ್ಷ್ಯ ತೋರಿದರೆ ಕ್ರಮ ಕೈಗೊಳ್ಳಲಾಗುವುದು.
ಜಿಲ್ಲೆಯಲ್ಲಿ ಬಾಲ್ಯ ವಿವಾಹ ತಡೆಗೆ ಪ್ರತಿ ಗ್ರಾಮ ಮಟ್ಟದಲ್ಲಿ ಸಮಿತಿ ರಚನೆಯಾಗಬೇಕು. ಕಾಣೆಯಾದ ಮಕ್ಕಳ ಪತ್ತೆಗೆ ಪೊಲೀಸ್ ಇಲಾಖೆ ಸಹಕಾರ ನೀಡಬೇಕು. ಜಿಲ್ಲಾ ಪಂಚಾಯತ್, ಪೊಲೀಸ್ ನ್ಯಾಯಾಧೀಶರು ಸೇರಿದಂತೆ ಇತರರು ಹಾಜರಿದ್ದರು.
ಉಪಕಾರ್ಯದರ್ಶಿ ದತ್ತಾಸಾಹೇಬ, ಮಹಿಳಾ ಮತ್ತು ಮಕ್ಕಳ ಅಭಿವೃದ್ಧಿ ಇಲಾಖೆ ಉಪ ನಿರ್ದೇಶಕರು ಹಾಗೂ ಜಿಲ್ಲಾ ಮಕ್ಕಳ ರಕ್ಷಣಾ ಅಧಿಕಾರಿ ಪ್ರೇಮ್ ಮೂರ್ತಿ, ಗೋವಿಂದ್ ರಾಥೋಡ್ ಸೇರಿದಂತೆ ಇತರರು ಉಪಸ್ಥಿತರಿದ್ದರು.
ವಿದ್ಯಾಸಿರಿ-ಊಟ ಮತ್ತು
ವಸತಿ ಸಹಾಯ ಯೋಜನೆ
ಸೌಲಭ್ಯಕ್ಕೆ ಅರ್ಜಿ ಆಹ್ವಾನ
ಯಾದಗಿರಿ : ನವೆಂಬರ್ 28, (ಕ.ವಾ) : 2023-24ನೇ ಸಾಲಿನ ಹಿಂದುಳಿದ ವರ್ಗಗಳ ವಿದ್ಯಾರ್ಥಿಗಳು ಹಾಗೂ ಅಲ್ಪಸಂಖ್ಯಾತರ ಕಲ್ಯಾಣ ಇಲಾಖೆಯ ಮೆಟ್ರಿಕ್ ನಂತರದ ವಿದ್ಯಾರ್ಥಿ ವೇತನ, ಶುಲ್ಕ ವಿನಾಯಿತಿ, ವಿದ್ಯಾಸಿರಿ-ಊಟ ಮತ್ತು ವಸತಿ ಸಹಾಯ ಯೋಜನೆ ಸೌಲಭ್ಯಕ್ಕಾಗಿ ಆನ್‌ಲೈನ್ ಮೂಲಕ ಅರ್ಜಿ ಆಹ್ವಾನಿಸಲಾಗಿದೆ. ಅರ್ಹ ವಿದ್ಯಾರ್ಥಿಗಳು ವೆಬ್‌ಸೈಟ್ ಮೂಲಕ ಅರ್ಜಿ ಸಲ್ಲಿಸಬಹುದು. ವಿದ್ಯಾರ್ಥಿಗಳು ತಮ್ಮ ಆಧಾರ್ ಸಂಖ್ಯೆ ಹಾಗೂ ಬ್ಯಾಂಕ್ ಖಾತೆ ವಿವರಗಳನ್ನು ನೀಡಬೇಕು. ಹೆಚ್ಚಿನ ಮಾಹಿತಿಗಾಗಿ ಇಲಾಖೆಯ ಕಚೇರಿ ಸಂಪರ್ಕಿಸಬಹುದು.
https://ssp.postmatric.
